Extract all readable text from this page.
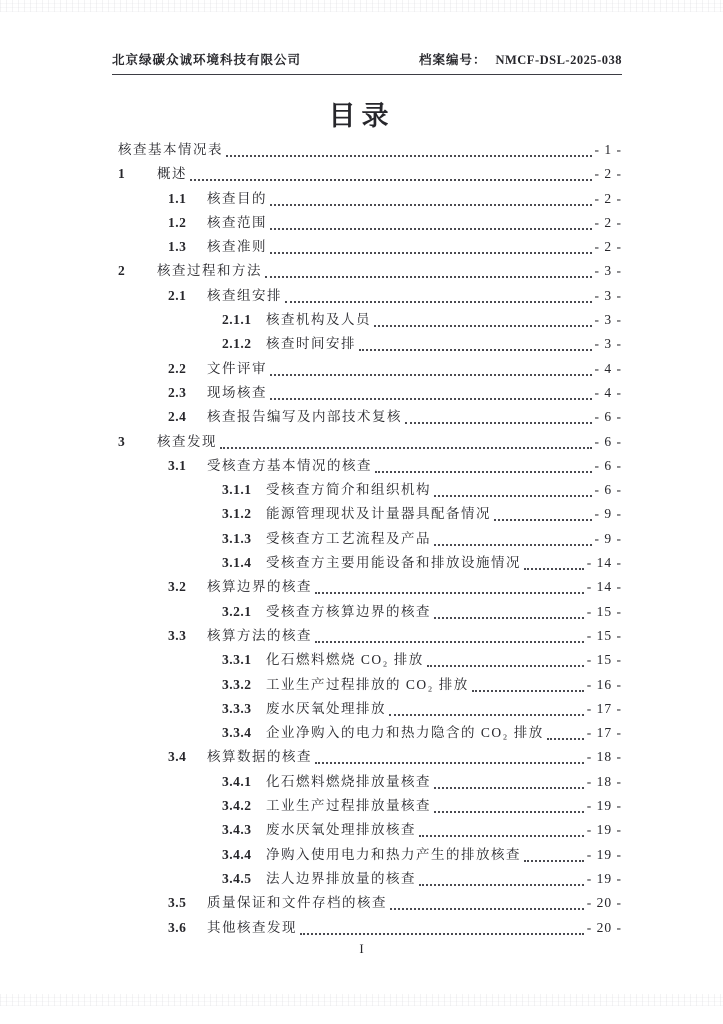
北京绿碳众诚环境科技有限公司	档案编号： NMCF-DSL-2025-038
目录
核查基本情况表	- 1 -
1	概述	- 2 -
1.1	核查目的	- 2 -
1.2	核查范围	- 2 -
1.3	核查准则	- 2 -
2	核查过程和方法	- 3 -
2.1	核查组安排	- 3 -
2.1.1	核查机构及人员	- 3 -
2.1.2	核查时间安排	- 3 -
2.2	文件评审	- 4 -
2.3	现场核查	- 4 -
2.4	核查报告编写及内部技术复核	- 6 -
3	核查发现	- 6 -
3.1	受核查方基本情况的核查	- 6 -
3.1.1	受核查方简介和组织机构	- 6 -
3.1.2	能源管理现状及计量器具配备情况	- 9 -
3.1.3	受核查方工艺流程及产品	- 9 -
3.1.4	受核查方主要用能设备和排放设施情况	- 14 -
3.2	核算边界的核查	- 14 -
3.2.1	受核查方核算边界的核查	- 15 -
3.3	核算方法的核查	- 15 -
3.3.1	化石燃料燃烧 CO₂ 排放	- 15 -
3.3.2	工业生产过程排放的 CO₂ 排放	- 16 -
3.3.3	废水厌氧处理排放	- 17 -
3.3.4	企业净购入的电力和热力隐含的 CO₂ 排放	- 17 -
3.4	核算数据的核查	- 18 -
3.4.1	化石燃料燃烧排放量核查	- 18 -
3.4.2	工业生产过程排放量核查	- 19 -
3.4.3	废水厌氧处理排放核查	- 19 -
3.4.4	净购入使用电力和热力产生的排放核查	- 19 -
3.4.5	法人边界排放量的核查	- 19 -
3.5	质量保证和文件存档的核查	- 20 -
3.6	其他核查发现	- 20 -
I
